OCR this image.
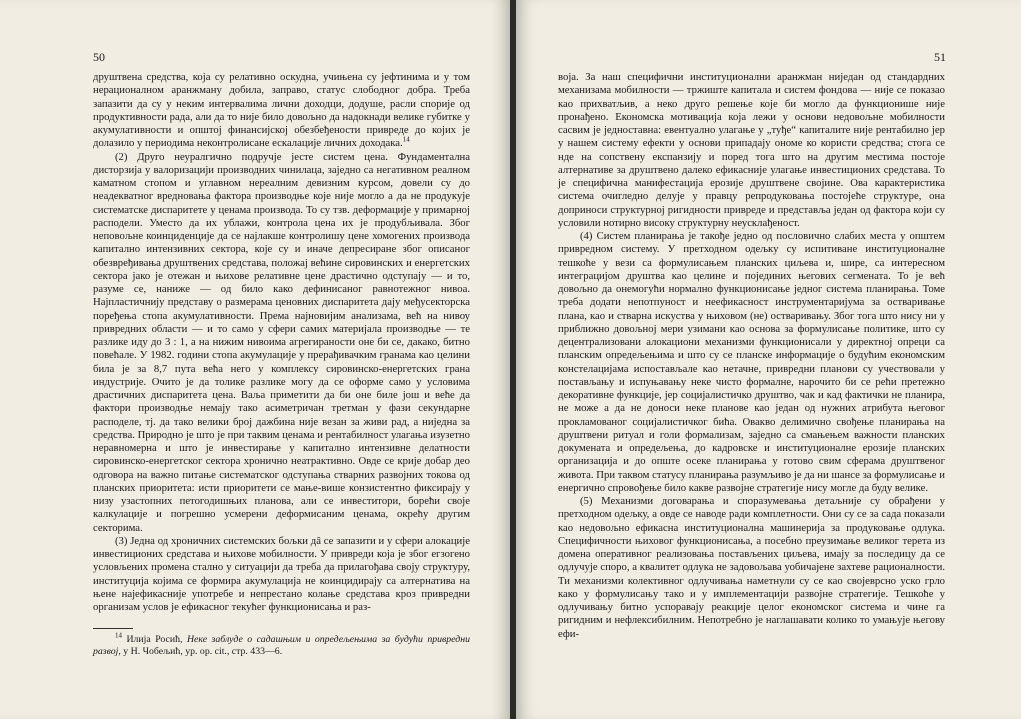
50

друштвена средства, која су релативно оскудна, учињена су јефтинима и у том нерационалном аранжману добила, заправо, статус слободног добра. Треба запазити да су у неким интервалима лични доходци, додуше, расли спорије од продуктивности рада, али да то није било довољно да надокнади велике губитке у акумулативности и општој финансијској обезбеђености привреде до којих је долазило у периодима неконтролисане ескалације личних доходака.$^{14}$

(2) Друго неуралгично подручје јесте систем цена. Фундаментална дисторзија у валоризацији производних чинилаца, заједно са негативном реалном каматном стопом и углавном нереалним девизним курсом, довели су до неадекватног вредновања фактора производње које није могло а да не продукује систематске диспаритете у ценама производа. То су тзв. деформације у примарној расподели. Уместо да их ублажи, контрола цена их је продубљивала. Због неповољне коинциденције да се најлакше контролишу цене хомогених производа капитално интензивних сектора, које су и иначе депресиране због описаног обезвређивања друштвених средстава, положај већине сировинских и енергетских сектора јако је отежан и њихове релативне цене драстично одступају — и то, разуме се, наниже — од било како дефинисаног равнотежног нивоа. Најпластичнију представу о размерама ценовних диспаритета дају међусекторска поређења стопа акумулативности. Према најновијим анализама, већ на нивоу привредних области — и то само у сфери самих материјала производње — те разлике иду до 3 : 1, а на нижим нивоима агрегираности оне би се, дакако, битно повећале. У 1982. години стопа акумулације у прерађивачким гранама као целини била је за 8,7 пута већа него у комплексу сировинско-енергетских грана индустрије. Очито је да толике разлике могу да се оформе само у условима драстичних диспаритета цена. Ваља приметити да би оне биле још и веће да фактори производње немају тако асиметричан третман у фази секундарне расподеле, тј. да тако велики број дажбина није везан за живи рад, а ниједна за средства. Природно је што је при таквим ценама и рентабилност улагања изузетно неравномерна и што је инвестирање у капитално интензивне делатности сировинско-енергетског сектора хронично неатрактивно. Овде се крије добар део одговора на важно питање систематског одступања стварних развојних токова од планских приоритета: исти приоритети се мање-више конзистентно фиксирају у низу узастопних петогодишњих планова, али се инвеститори, борећи своје калкулације и погрешно усмерени деформисаним ценама, окрећу другим секторима.

(3) Једна од хроничних системских бољки дâ се запазити и у сфери алокације инвестиционих средстава и њихове мобилности. У привреди која је због егзогено условљених промена стално у ситуацији да треба да прилагођава своју структуру, институција којима се формира акумулација не коинцидирају са алтернатива на њене најефикасније употребе и непрестано колање средстава кроз привредни организам услов је ефикасног текућег функционисања и раз-

$^{14}$ Илија Росић, Неке заблуде о садашњим и опредељењима за будући привредни развој, у Н. Чобељић, ур. op. cit., стр. 433—6.
51

воја. За наш специфични институционални аранжман ниједан од стандардних механизама мобилности — тржиште капитала и систем фондова — није се показао као прихватљив, а неко друго решење које би могло да функционише није пронађено. Економска мотивација која лежи у основи недовољне мобилности сасвим је једноставна: евентуално улагање у „туђе“ капиталите није рентабилно јер у нашем систему ефекти у основи припадају ономе ко користи средства; стога се нде на сопствену експанзију и поред тога што на другим местима постоје алтернативе за друштвено далеко ефикасније улагање инвестиционих средстава. То је специфична манифестација ерозије друштвене својине. Ова карактеристика система очигледно делује у правцу репродуковања постојеће структуре, она доприноси структурној ригидности привреде и представља један од фактора који су условили нотирно високу структурну неусклађеност.

(4) Систем планирања је такође једно од пословично слабих места у општем привредном систему. У претходном одељку су испитиване институционалне тешкоће у вези са формулисањем планских циљева и, шире, са интересном интеграцијом друштва као целине и појединих његових сегмената. То је већ довољно да онемогући нормално функционисање једног система планирања. Томе треба додати непотпуност и неефикасност инструментаријума за остваривање плана, као и стварна искуства у њиховом (не) остваривању. Због тога што нису ни у приближно довољној мери узимани као основа за формулисање политике, што су децентрализовани алокациони механизми функционисали у директној опреци са планским опредељењима и што су се планске информације о будућим економским констелацијама испостављале као нетачне, привредни планови су учествовали у постављању и испуњавању неке чисто формалне, нарочито би се рећи претежно декоративне функције, јер социјалистичко друштво, чак и кад фактички не планира, не може а да не доноси неке планове као један од нужних атрибута његовог прокламованог социјалистичког бића. Овакво делимично свођење планирања на друштвени ритуал и голи формализам, заједно са смањењем важности планских докумената и опредељења, до кадровске и институционалне ерозије планских организација и до опште осеке планирања у готово свим сферама друштвеног живота. При таквом статусу планирања разумљиво је да ни шансе за формулисање и енергично спровођење било какве развојне стратегије нису могле да буду велике.

(5) Механизми договарања и споразумевања детаљније су обрађени у претходном одељку, а овде се наводе ради комплетности. Они су се за сада показали као недовољно ефикасна институционална машинерија за продуковање одлука. Специфичности њиховог функционисања, а посебно преузимање великог терета из домена оперативног реализовања постављених циљева, имају за последицу да се одлучује споро, а квалитет одлука не задовољава уобичајене захтеве рационалности. Ти механизми колективног одлучивања наметнули су се као својеврсно уско грло како у формулисању тако и у имплементацији развојне стратегије. Тешкоће у одлучивању битно успоравају реакције целог економског система и чине га ригидним и нефлексибилним. Непотребно је наглашавати колико то умањује његову ефи-
